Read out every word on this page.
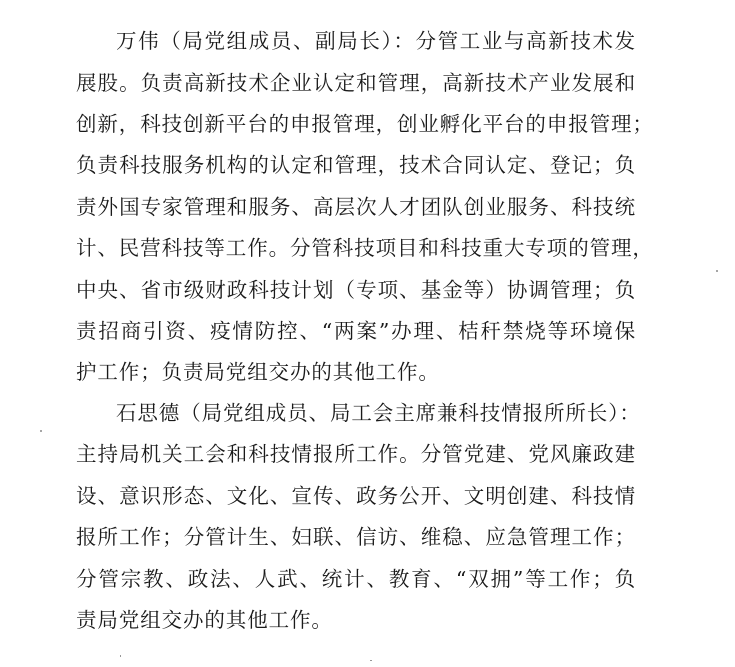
万伟（局党组成员、副局长）：分管工业与高新技术发
展股。负责高新技术企业认定和管理，高新技术产业发展和
创新，科技创新平台的申报管理，创业孵化平台的申报管理；
负责科技服务机构的认定和管理，技术合同认定、登记；负
责外国专家管理和服务、高层次人才团队创业服务、科技统
计、民营科技等工作。分管科技项目和科技重大专项的管理，
中央、省市级财政科技计划（专项、基金等）协调管理；负
责招商引资、疫情防控、“两案”办理、桔秆禁烧等环境保
护工作；负责局党组交办的其他工作。
石思德（局党组成员、局工会主席兼科技情报所所长）：
主持局机关工会和科技情报所工作。分管党建、党风廉政建
设、意识形态、文化、宣传、政务公开、文明创建、科技情
报所工作；分管计生、妇联、信访、维稳、应急管理工作；
分管宗教、政法、人武、统计、教育、“双拥”等工作；负
责局党组交办的其他工作。
